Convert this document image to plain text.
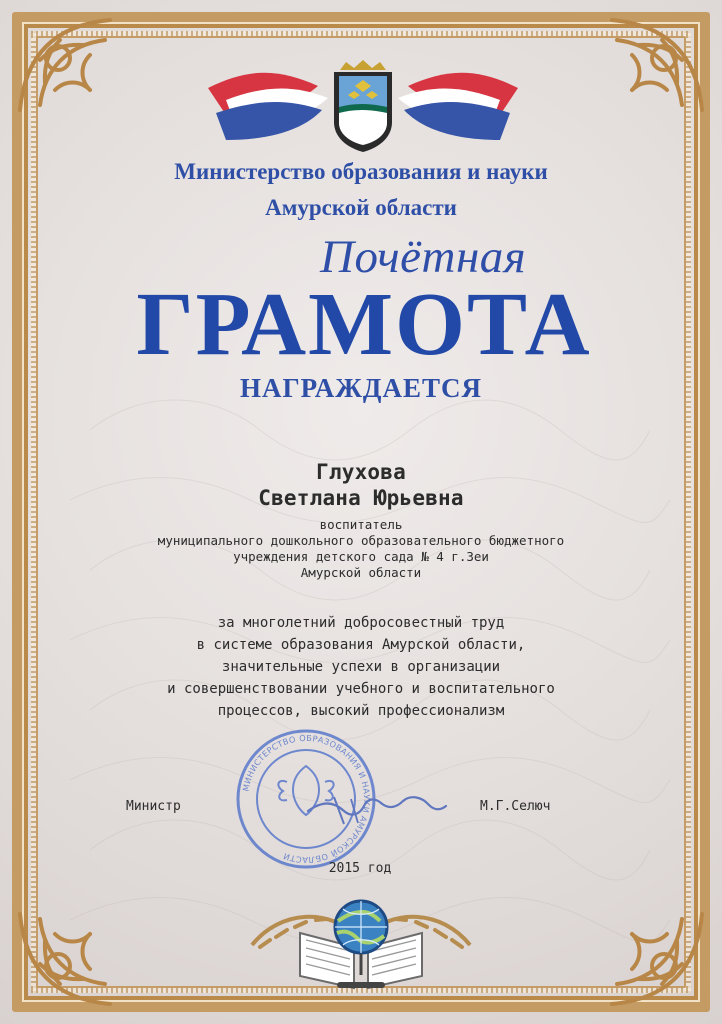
Министерство образования и науки
Амурской области
Почётная
ГРАМОТА
НАГРАЖДАЕТСЯ
Глухова
Светлана Юрьевна
воспитатель
муниципального дошкольного образовательного бюджетного
учреждения детского сада № 4 г.Зеи
Амурской области
за многолетний добросовестный труд
в системе образования Амурской области,
значительные успехи в организации
и совершенствовании учебного и воспитательного
процессов, высокий профессионализм
МИНИСТЕРСТВО ОБРАЗОВАНИЯ И НАУКИ АМУРСКОЙ ОБЛАСТИ
Министр	М.Г.Селюч
2015 год
